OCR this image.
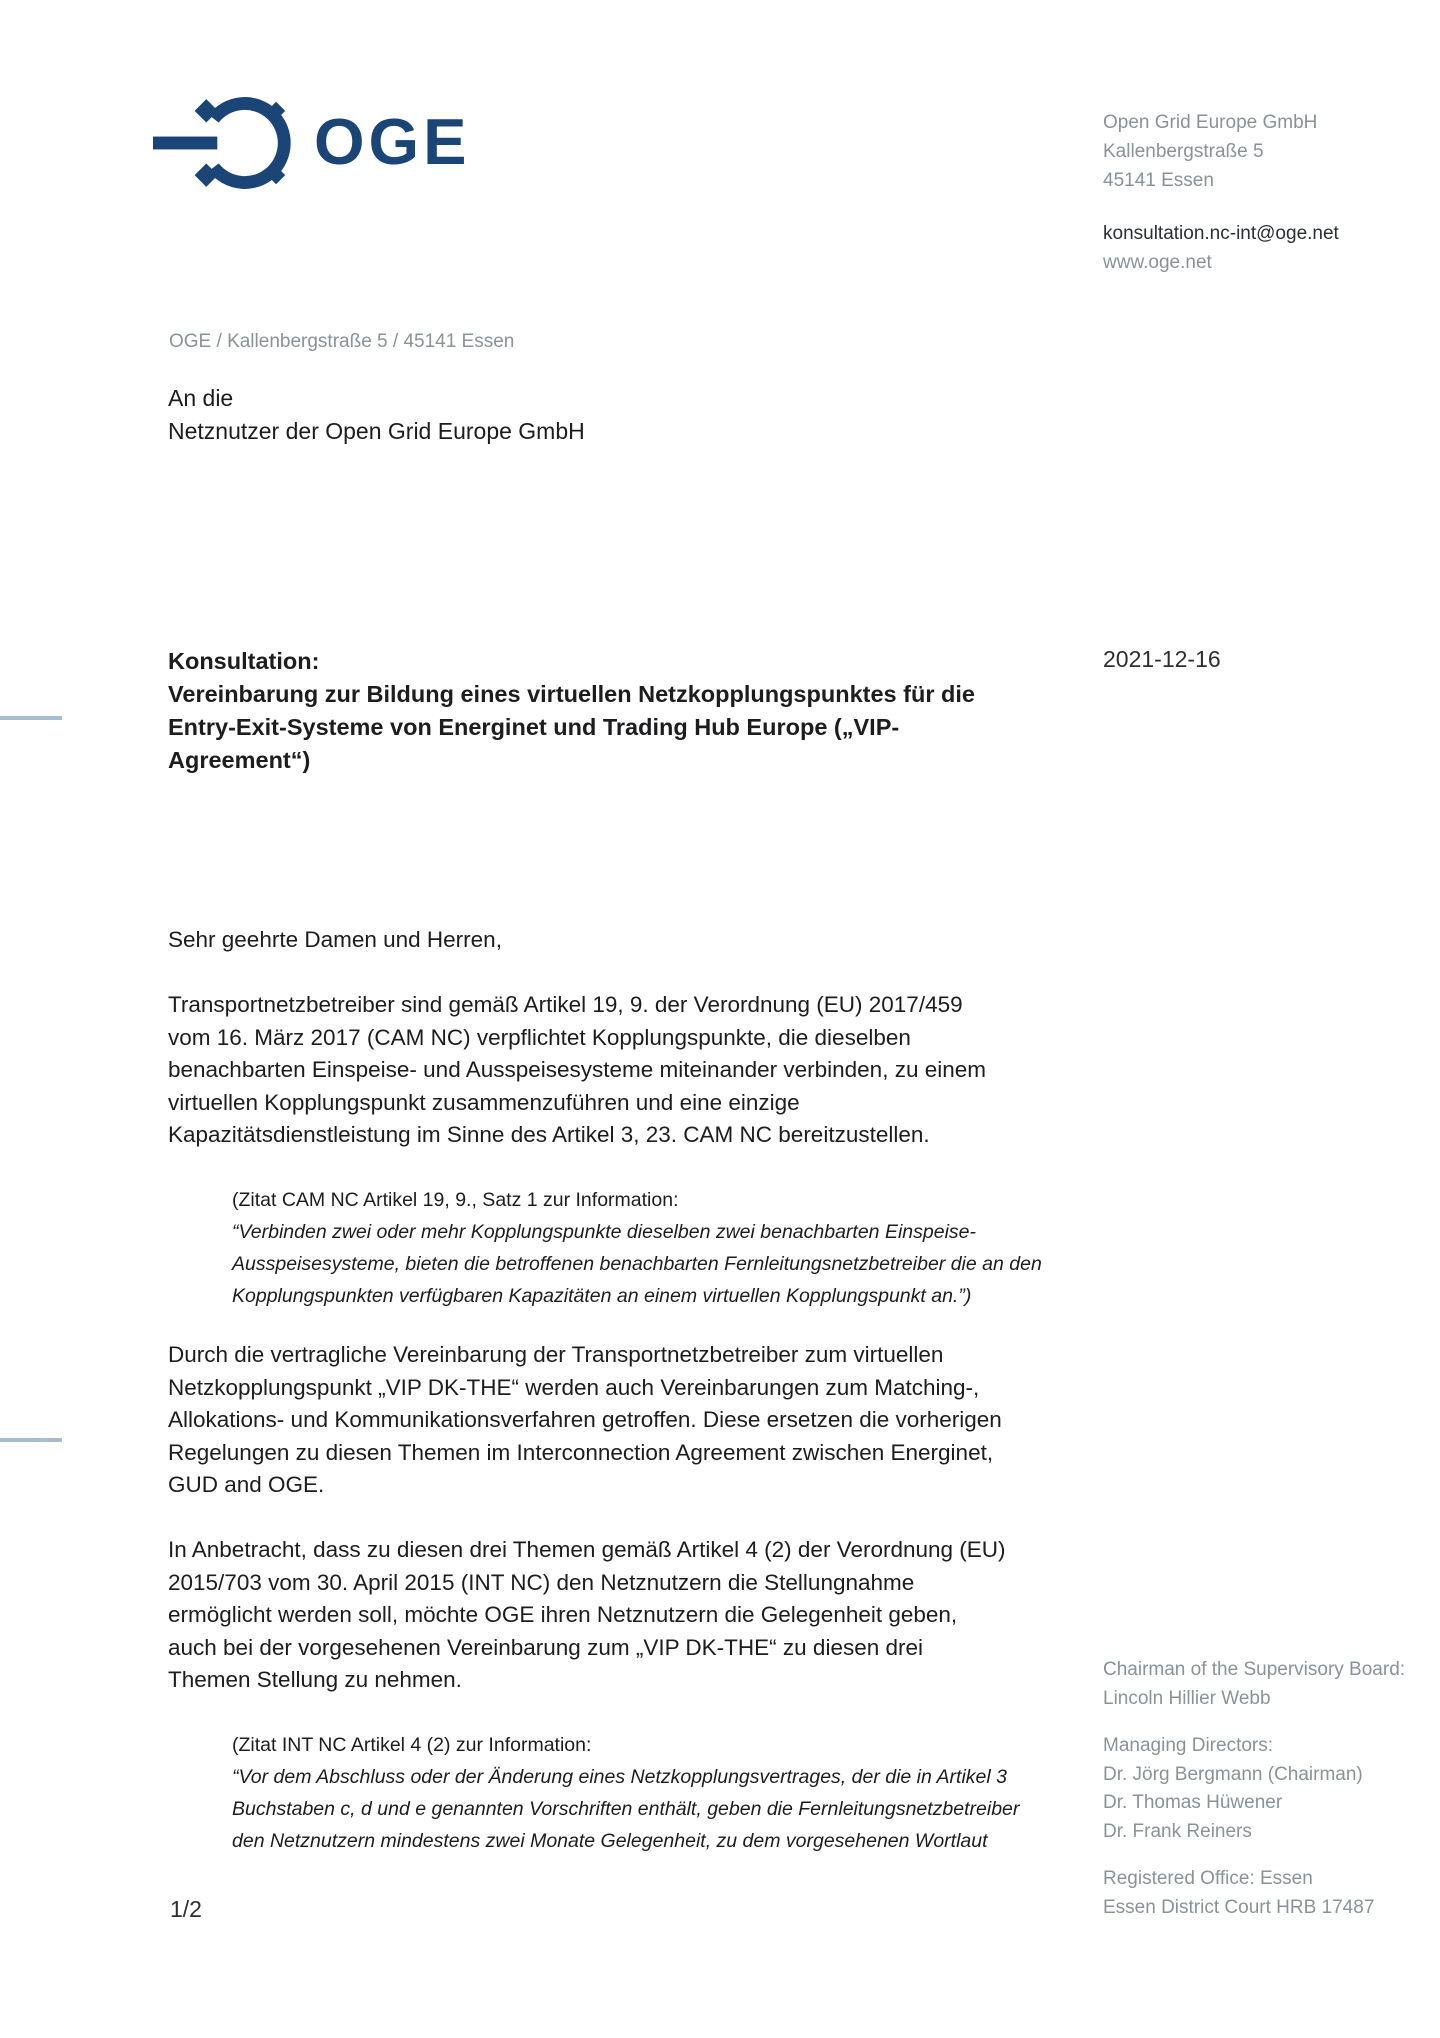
OGE	Open Grid Europe GmbH
Kallenbergstraße 5
45141 Essen
konsultation.nc-int@oge.net
www.oge.net
OGE / Kallenbergstraße 5 / 45141 Essen
An die
Netznutzer der Open Grid Europe GmbH
Konsultation:
Vereinbarung zur Bildung eines virtuellen Netzkopplungspunktes für die
Entry-Exit-Systeme von Energinet und Trading Hub Europe („VIP-
Agreement“)
2021-12-16

Sehr geehrte Damen und Herren,

Transportnetzbetreiber sind gemäß Artikel 19, 9. der Verordnung (EU) 2017/459 vom 16. März 2017 (CAM NC) verpflichtet Kopplungspunkte, die dieselben benachbarten Einspeise- und Ausspeisesysteme miteinander verbinden, zu einem virtuellen Kopplungspunkt zusammenzuführen und eine einzige Kapazitätsdienstleistung im Sinne des Artikel 3, 23. CAM NC bereitzustellen.

(Zitat CAM NC Artikel 19, 9., Satz 1 zur Information:
“Verbinden zwei oder mehr Kopplungspunkte dieselben zwei benachbarten Einspeise-Ausspeisesysteme, bieten die betroffenen benachbarten Fernleitungsnetzbetreiber die an den Kopplungspunkten verfügbaren Kapazitäten an einem virtuellen Kopplungspunkt an.”)

Durch die vertragliche Vereinbarung der Transportnetzbetreiber zum virtuellen Netzkopplungspunkt „VIP DK-THE“ werden auch Vereinbarungen zum Matching-, Allokations- und Kommunikationsverfahren getroffen. Diese ersetzen die vorherigen Regelungen zu diesen Themen im Interconnection Agreement zwischen Energinet, GUD and OGE.

In Anbetracht, dass zu diesen drei Themen gemäß Artikel 4 (2) der Verordnung (EU) 2015/703 vom 30. April 2015 (INT NC) den Netznutzern die Stellungnahme ermöglicht werden soll, möchte OGE ihren Netznutzern die Gelegenheit geben, auch bei der vorgesehenen Vereinbarung zum „VIP DK-THE“ zu diesen drei Themen Stellung zu nehmen.

(Zitat INT NC Artikel 4 (2) zur Information:
“Vor dem Abschluss oder der Änderung eines Netzkopplungsvertrages, der die in Artikel 3 Buchstaben c, d und e genannten Vorschriften enthält, geben die Fernleitungsnetzbetreiber den Netznutzern mindestens zwei Monate Gelegenheit, zu dem vorgesehenen Wortlaut
Chairman of the Supervisory Board:
Lincoln Hillier Webb
Managing Directors:
Dr. Jörg Bergmann (Chairman)
Dr. Thomas Hüwener
Dr. Frank Reiners
Registered Office: Essen
Essen District Court HRB 17487
1/2
